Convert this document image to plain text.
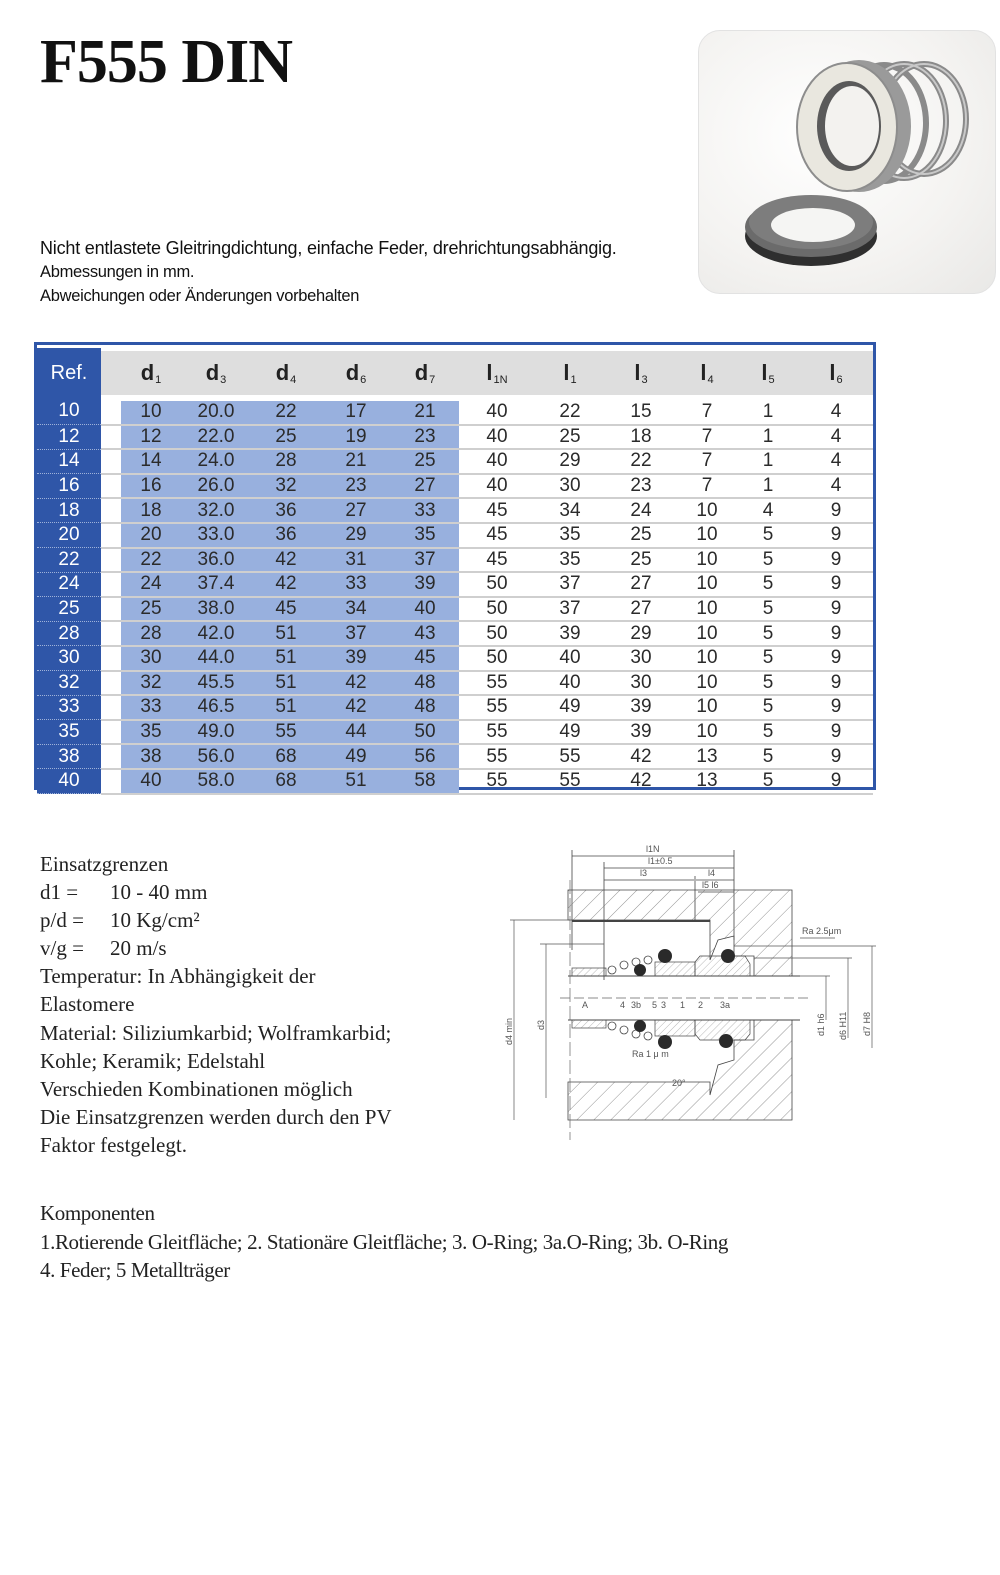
F555 DIN
Nicht entlastete Gleitringdichtung, einfache Feder, drehrichtungsabhängig.
Abmessungen in mm.
Abweichungen oder Änderungen vorbehalten
Ref.		$d_1$	$d_3$	$d_4$	$d_6$	$d_7$	$l_{1N}$	$l_1$	$l_3$	$l_4$	$l_5$	$l_6$
10		10	20.0	22	17	21	40	22	15	7	1	4
12		12	22.0	25	19	23	40	25	18	7	1	4
14		14	24.0	28	21	25	40	29	22	7	1	4
16		16	26.0	32	23	27	40	30	23	7	1	4
18		18	32.0	36	27	33	45	34	24	10	4	9
20		20	33.0	36	29	35	45	35	25	10	5	9
22		22	36.0	42	31	37	45	35	25	10	5	9
24		24	37.4	42	33	39	50	37	27	10	5	9
25		25	38.0	45	34	40	50	37	27	10	5	9
28		28	42.0	51	37	43	50	39	29	10	5	9
30		30	44.0	51	39	45	50	40	30	10	5	9
32		32	45.5	51	42	48	55	40	30	10	5	9
33		33	46.5	51	42	48	55	49	39	10	5	9
35		35	49.0	55	44	50	55	49	39	10	5	9
38		38	56.0	68	49	56	55	55	42	13	5	9
40		40	58.0	68	51	58	55	55	42	13	5	9
Einsatzgrenzen
d1 =	10 - 40 mm
p/d =	10 Kg/cm²
v/g =	20 m/s
Temperatur: In Abhängigkeit der
Elastomere
Material: Siliziumkarbid; Wolframkarbid;
Kohle; Keramik; Edelstahl
Verschieden Kombinationen möglich
Die Einsatzgrenzen werden durch den PV
Faktor festgelegt.
l1N
l1±0.5
l3	l4
l5 l6
Ra 2.5μm
Ra 1 μ m
20°
A	4 3b 5 3 1 2 3a
d4 min d3	d1 h6 d6 H11 d7 H8
Komponenten
1.Rotierende Gleitfläche; 2. Stationäre Gleitfläche; 3. O-Ring; 3a.O-Ring; 3b. O-Ring
4. Feder; 5 Metallträger
